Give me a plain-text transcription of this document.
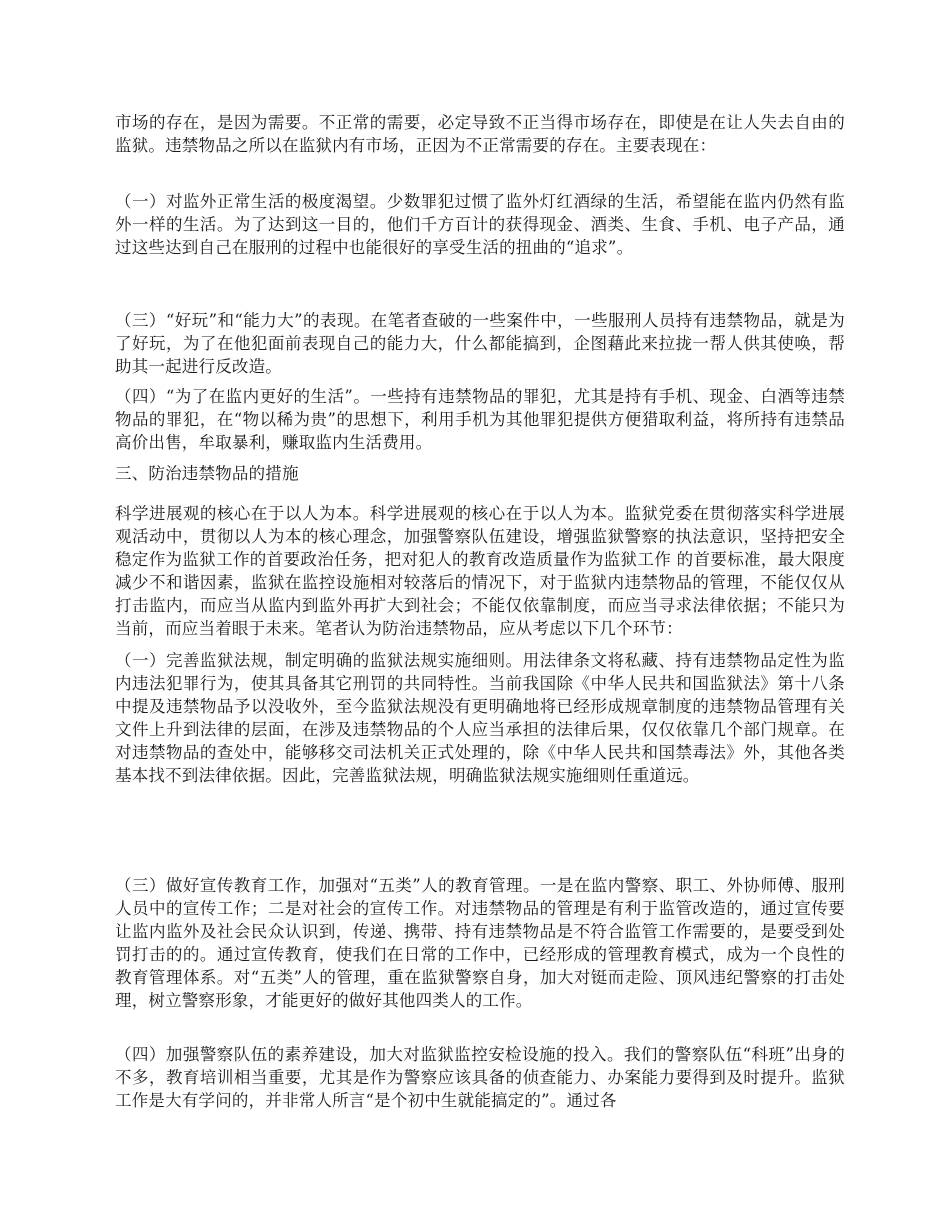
市场的存在，是因为需要。不正常的需要，必定导致不正当得市场存在，即使是在让人失去自由的监狱。违禁物品之所以在监狱内有市场，正因为不正常需要的存在。主要表现在：

（一）对监外正常生活的极度渴望。少数罪犯过惯了监外灯红酒绿的生活，希望能在监内仍然有监外一样的生活。为了达到这一目的，他们千方百计的获得现金、酒类、生食、手机、电子产品，通过这些达到自己在服刑的过程中也能很好的享受生活的扭曲的“追求”。

（三）“好玩”和“能力大”的表现。在笔者查破的一些案件中，一些服刑人员持有违禁物品，就是为了好玩，为了在他犯面前表现自己的能力大，什么都能搞到，企图藉此来拉拢一帮人供其使唤，帮助其一起进行反改造。

（四）“为了在监内更好的生活”。一些持有违禁物品的罪犯，尤其是持有手机、现金、白酒等违禁物品的罪犯，在“物以稀为贵”的思想下，利用手机为其他罪犯提供方便猎取利益，将所持有违禁品高价出售，牟取暴利，赚取监内生活费用。

三、防治违禁物品的措施

科学进展观的核心在于以人为本。科学进展观的核心在于以人为本。监狱党委在贯彻落实科学进展观活动中，贯彻以人为本的核心理念，加强警察队伍建设，增强监狱警察的执法意识，坚持把安全稳定作为监狱工作的首要政治任务，把对犯人的教育改造质量作为监狱工作 的首要标准，最大限度减少不和谐因素，监狱在监控设施相对较落后的情况下，对于监狱内违禁物品的管理，不能仅仅从打击监内，而应当从监内到监外再扩大到社会；不能仅依靠制度，而应当寻求法律依据；不能只为当前，而应当着眼于未来。笔者认为防治违禁物品，应从考虑以下几个环节：

（一）完善监狱法规，制定明确的监狱法规实施细则。用法律条文将私藏、持有违禁物品定性为监内违法犯罪行为，使其具备其它刑罚的共同特性。当前我国除《中华人民共和国监狱法》第十八条中提及违禁物品予以没收外，至今监狱法规没有更明确地将已经形成规章制度的违禁物品管理有关文件上升到法律的层面，在涉及违禁物品的个人应当承担的法律后果，仅仅依靠几个部门规章。在对违禁物品的查处中，能够移交司法机关正式处理的，除《中华人民共和国禁毒法》外，其他各类基本找不到法律依据。因此，完善监狱法规，明确监狱法规实施细则任重道远。

（三）做好宣传教育工作，加强对“五类”人的教育管理。一是在监内警察、职工、外协师傅、服刑人员中的宣传工作；二是对社会的宣传工作。对违禁物品的管理是有利于监管改造的，通过宣传要让监内监外及社会民众认识到，传递、携带、持有违禁物品是不符合监管工作需要的，是要受到处罚打击的的。通过宣传教育，使我们在日常的工作中，已经形成的管理教育模式，成为一个良性的教育管理体系。对“五类”人的管理，重在监狱警察自身，加大对铤而走险、顶风违纪警察的打击处理，树立警察形象，才能更好的做好其他四类人的工作。

（四）加强警察队伍的素养建设，加大对监狱监控安检设施的投入。我们的警察队伍“科班”出身的不多，教育培训相当重要，尤其是作为警察应该具备的侦查能力、办案能力要得到及时提升。监狱工作是大有学问的，并非常人所言“是个初中生就能搞定的”。通过各
